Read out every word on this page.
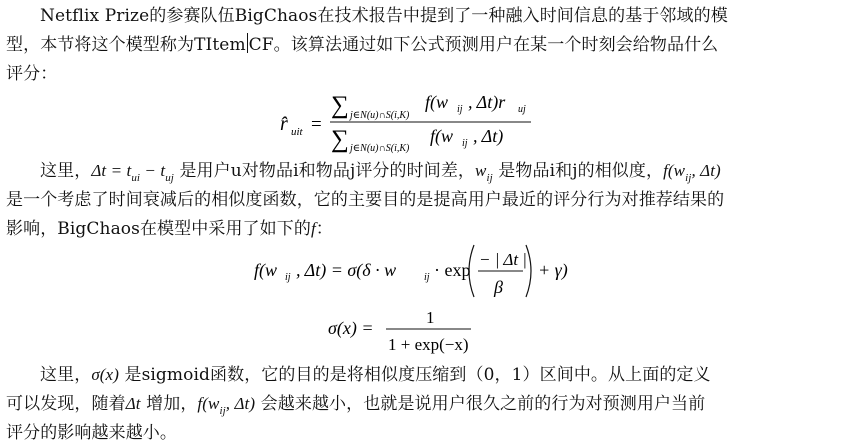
Netflix Prize的参赛队伍BigChaos在技术报告中提到了一种融入时间信息的基于邻域的模
型，本节将这个模型称为TItem CF。该算法通过如下公式预测用户在某一个时刻会给物品什么
评分：
r̂ uit =
∑ j∈N(u)∩S(i,K)
f(w ij , Δt)r uj
∑ j∈N(u)∩S(i,K)
f(w ij , Δt)
这里，$\Delta t = t_{ui} - t_{uj}$ 是用户u对物品i和物品j评分的时间差，$w_{ij}$ 是物品i和j的相似度，$f(w_{ij}$, Δt)
是一个考虑了时间衰减后的相似度函数，它的主要目的是提高用户最近的评分行为对推荐结果的
影响，BigChaos在模型中采用了如下的f：
f(w ij , Δt) = σ(δ · w	ij · exp
− | Δt |
β
+ γ)
σ(x) =
1
1 + exp(−x)
这里，σ(x) 是sigmoid函数，它的目的是将相似度压缩到（0，1）区间中。从上面的定义
可以发现，随着Δt 增加，$f(w_{ij}$, Δt) 会越来越小，也就是说用户很久之前的行为对预测用户当前
评分的影响越来越小。
